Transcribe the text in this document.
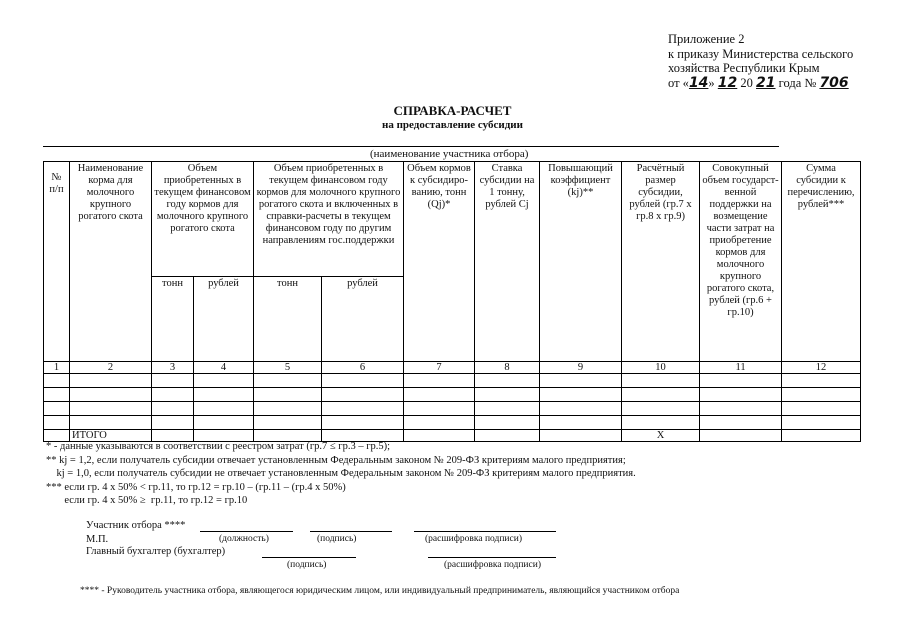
Приложение 2
к приказу Министерства сельского
хозяйства Республики Крым
от «14» 12 20 21 года № 706
СПРАВКА-РАСЧЕТ
на предоставление субсидии
(наименование участника отбора)
№ п/п	Наименование корма для молочного крупного рогатого скота	Объем приобретенных в текущем финансовом году кормов для молочного крупного рогатого скота		Объем приобретенных в текущем финансовом году кормов для молочного крупного рогатого скота и включенных в справки-расчеты в текущем финансовом году по другим направлениям гос.поддержки		Объем кормов к субсидиро-ванию, тонн (Qj)*	Ставка субсидии на 1 тонну, рублей Cj	Повышающий коэффициент (kj)**	Расчётный размер субсидии, рублей (гр.7 х гр.8 х гр.9)	Совокупный объем государст-венной поддержки на возмещение части затрат на приобретение кормов для молочного крупного рогатого скота, рублей (гр.6 + гр.10)	Сумма субсидии к перечислению, рублей***
		тонн	рублей	тонн	рублей						
1	2	3	4	5	6	7	8	9	10	11	12

	ИТОГО								Х		
* - данные указываются в соответствии с реестром затрат (гр.7 ≤ гр.3 – гр.5);
** kj = 1,2, если получатель субсидии отвечает установленным Федеральным законом № 209-ФЗ критериям малого предприятия;
kj = 1,0, если получатель субсидии не отвечает установленным Федеральным законом № 209-ФЗ критериям малого предприятия.
*** если гр. 4 х 50% < гр.11, то гр.12 = гр.10 – (гр.11 – (гр.4 х 50%)
если гр. 4 х 50% ≥  гр.11, то гр.12 = гр.10
Участник отбора ****
М.П.	(должность)	(подпись)	(расшифровка подписи)
Главный бухгалтер (бухгалтер)
(подпись)	(расшифровка подписи)
**** - Руководитель участника отбора, являющегося юридическим лицом, или индивидуальный предприниматель, являющийся участником отбора
